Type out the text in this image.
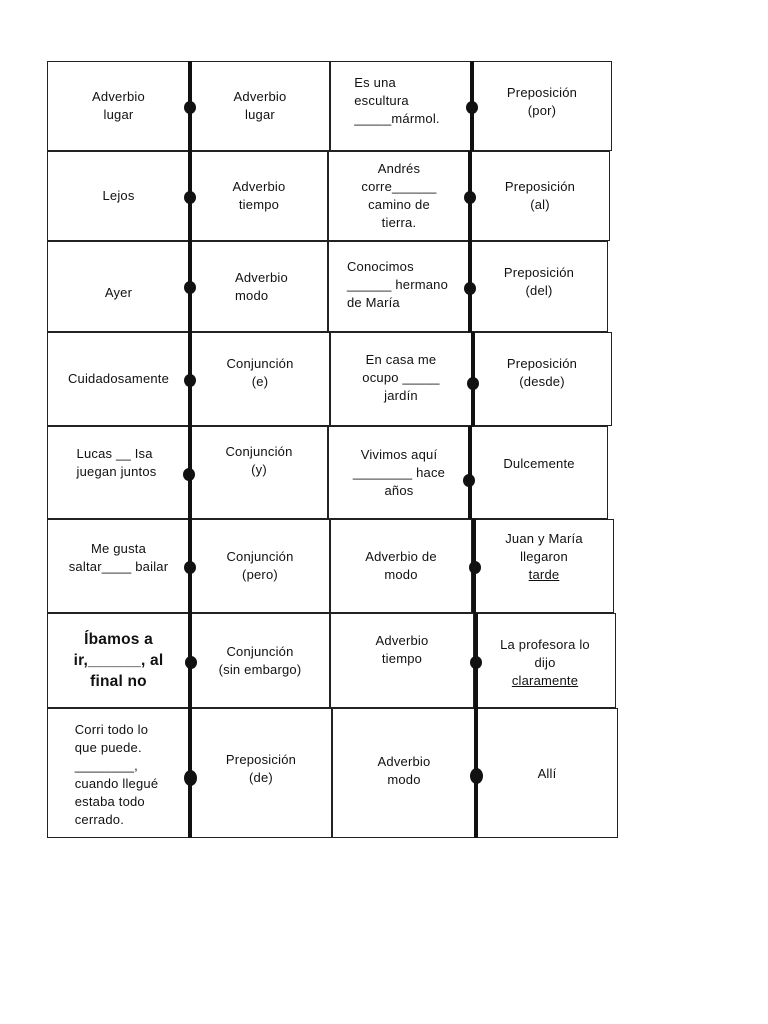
Adverbio
lugar
Adverbio
lugar
Es una
escultura
_____mármol.
Preposición
(por)
Lejos
Adverbio
tiempo
Andrés
corre______
camino de
tierra.
Preposición
(al)
Ayer
Adverbio
modo
Conocimos
______ hermano
de María
Preposición
(del)
Cuidadosamente
Conjunción
(e)
En casa me
ocupo _____
jardín
Preposición
(desde)
Lucas __ Isa
juegan juntos
Conjunción
(y)
Vivimos aquí
________ hace
años
Dulcemente
Me gusta
saltar____ bailar
Conjunción
(pero)
Adverbio de
modo
Juan y María
llegaron
tarde
Íbamos a
ir,______, al
final no
Conjunción
(sin embargo)
Adverbio
tiempo
La profesora lo
dijo
claramente
Corri todo lo
que puede.
________,
cuando llegué
estaba todo
cerrado.
Preposición
(de)
Adverbio
modo	Allí
